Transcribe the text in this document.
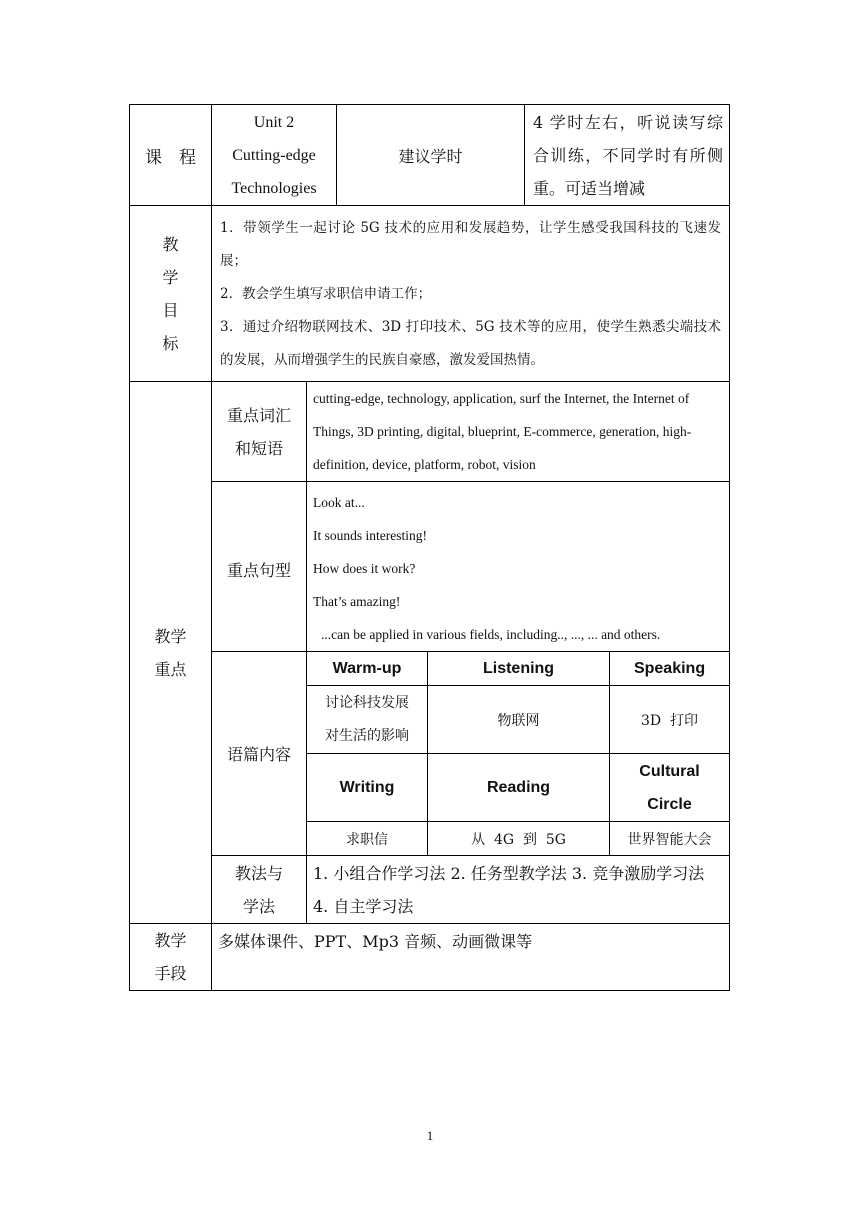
课　程	Unit 2
Cutting-edge
Technologies		建议学时		4 学时左右，听说读写综合训练，不同学时有所侧重。可适当增减	

教
学
目
标	1．带领学生一起讨论 5G 技术的应用和发展趋势，让学生感受我国科技的飞速发展；
2．教会学生填写求职信申请工作；
3．通过介绍物联网技术、3D 打印技术、5G 技术等的应用，使学生熟悉尖端技术的发展，从而增强学生的民族自豪感，激发爱国热情。					

教学
重点	重点词汇
和短语	cutting-edge, technology, application, surf the Internet, the Internet of Things, 3D printing, digital, blueprint, E-commerce, generation, high-definition, device, platform, robot, vision				
	重点句型	Look at...
It sounds interesting!
How does it work?
That’s amazing!
...can be applied in various fields, including.., ..., ... and others.				

	语篇内容	Warm-up		Listening		Speaking
		讨论科技发展对生活的影响		物联网		3D  打印
		Writing		Reading		Cultural Circle
		求职信		从  4G  到  5G		世界智能大会

	教法与
学法	1. 小组合作学习法 2. 任务型教学法 3. 竞争激励学习法 4. 自主学习法				

教学
手段	多媒体课件、PPT、Mp3 音频、动画微课等					
1
